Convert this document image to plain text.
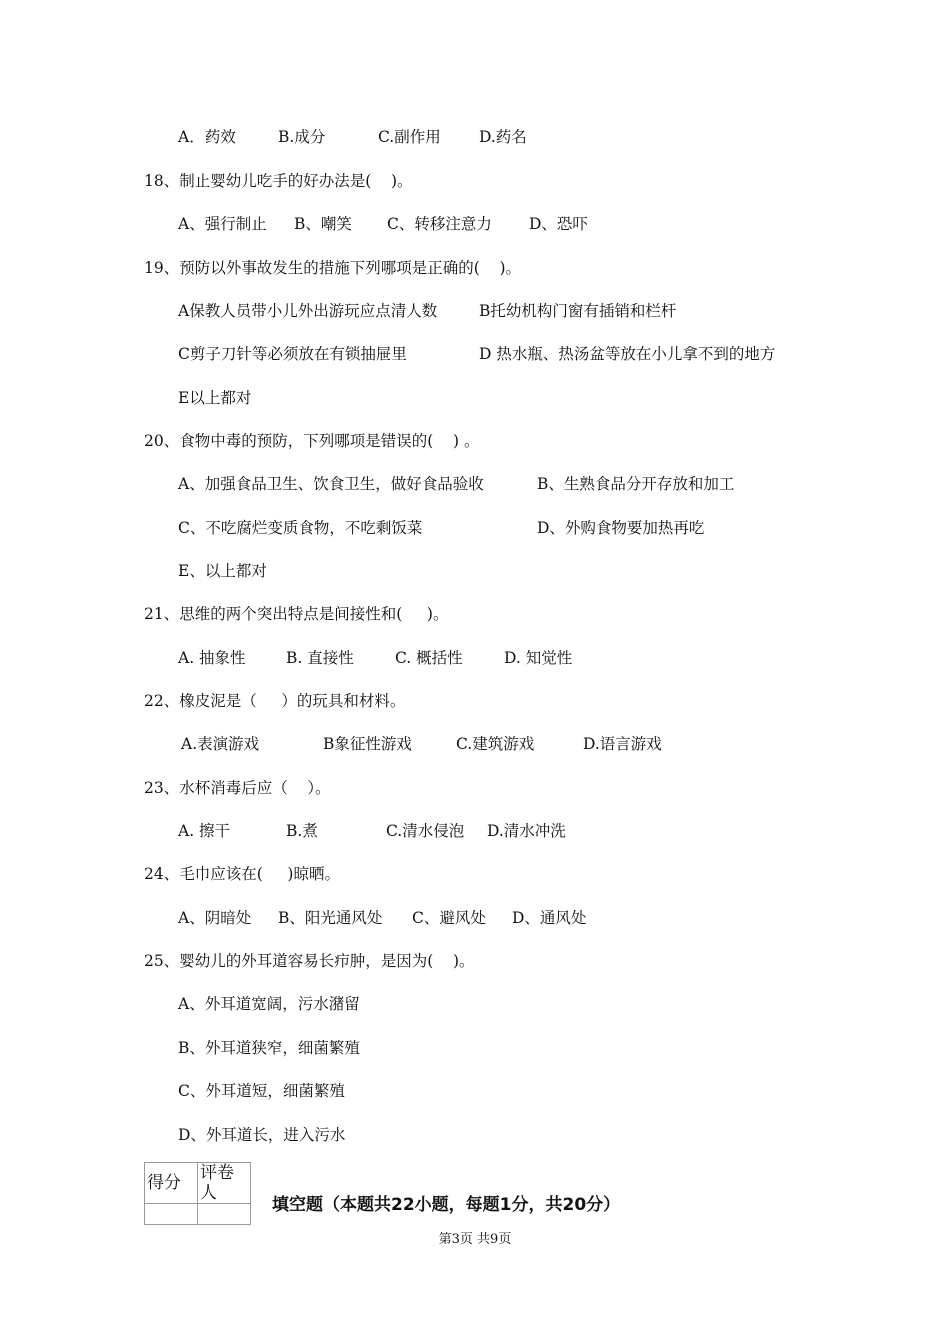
A．药效	B.成分	C.副作用 D.药名
18、制止婴幼儿吃手的好办法是(    )。
A、强行制止 B、嘲笑 C、转移注意力 D、恐吓
19、预防以外事故发生的措施下列哪项是正确的(    )。
A保教人员带小儿外出游玩应点清人数	B托幼机构门窗有插销和栏杆
C剪子刀针等必须放在有锁抽屉里	D 热水瓶、热汤盆等放在小儿拿不到的地方
E以上都对
20、食物中毒的预防，下列哪项是错误的(    ) 。
A、加强食品卫生、饮食卫生，做好食品验收	B、生熟食品分开存放和加工
C、不吃腐烂变质食物，不吃剩饭菜	D、外购食物要加热再吃
E、以上都对
21、思维的两个突出特点是间接性和(     )。
A. 抽象性	B. 直接性	C. 概括性	D. 知觉性
22、橡皮泥是（     ）的玩具和材料。
A.表演游戏	B象征性游戏	C.建筑游戏	D.语言游戏
23、水杯消毒后应（    ）。
A. 擦干	B.煮	C.清水侵泡 D.清水冲洗
24、毛巾应该在(     )晾晒。
A、阴暗处 B、阳光通风处 C、避风处 D、通风处
25、婴幼儿的外耳道容易长疖肿，是因为(    )。
A、外耳道宽阔，污水潴留
B、外耳道狭窄，细菌繁殖
C、外耳道短，细菌繁殖
D、外耳道长，进入污水
得分	评卷人

填空题（本题共22小题，每题1分，共20分）
第3页 共9页
